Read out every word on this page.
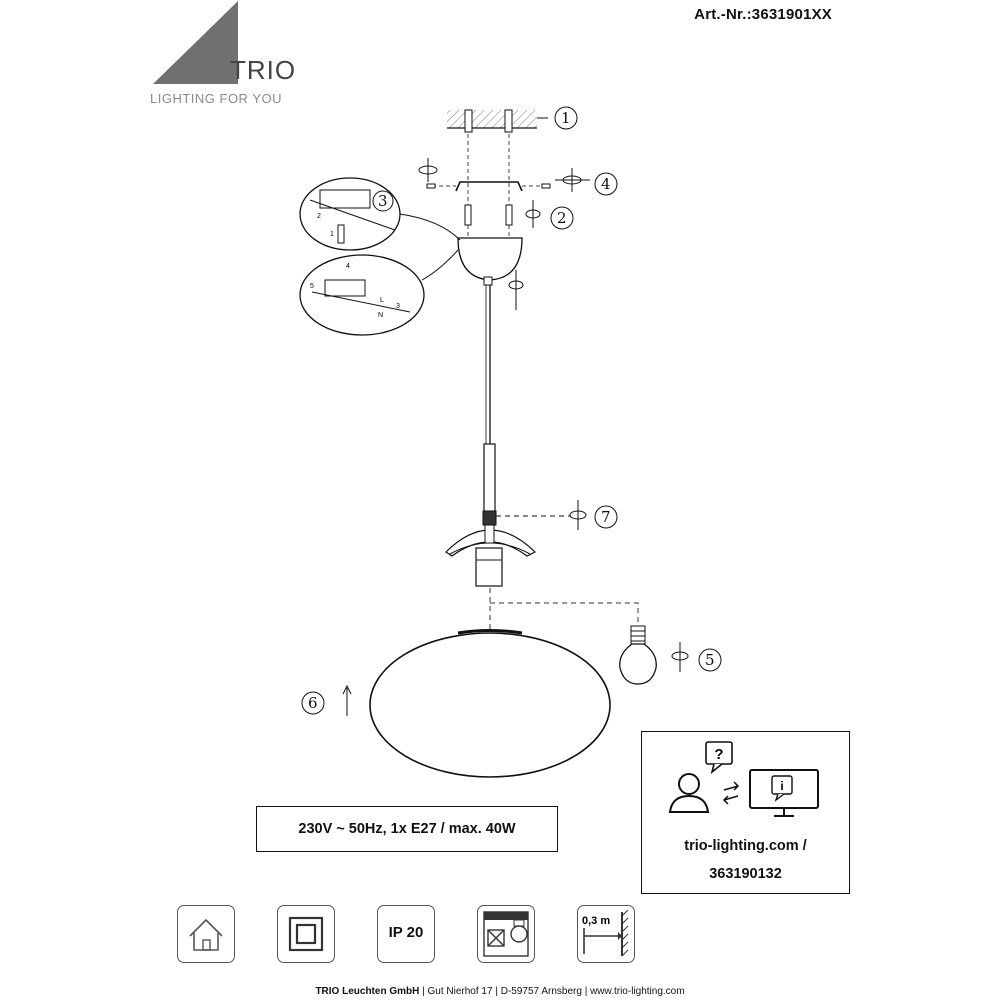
Art.-Nr.:3631901XX
TRIO
LIGHTING FOR YOU
2
1
4
5
L
N
3
1
4
2
3
7
5
6
230V ~ 50Hz, 1x E27 / max. 40W
?
i
trio-lighting.com /
363190132
IP 20
0,3 m
TRIO Leuchten GmbH | Gut Nierhof 17 | D-59757 Arnsberg | www.trio-lighting.com
